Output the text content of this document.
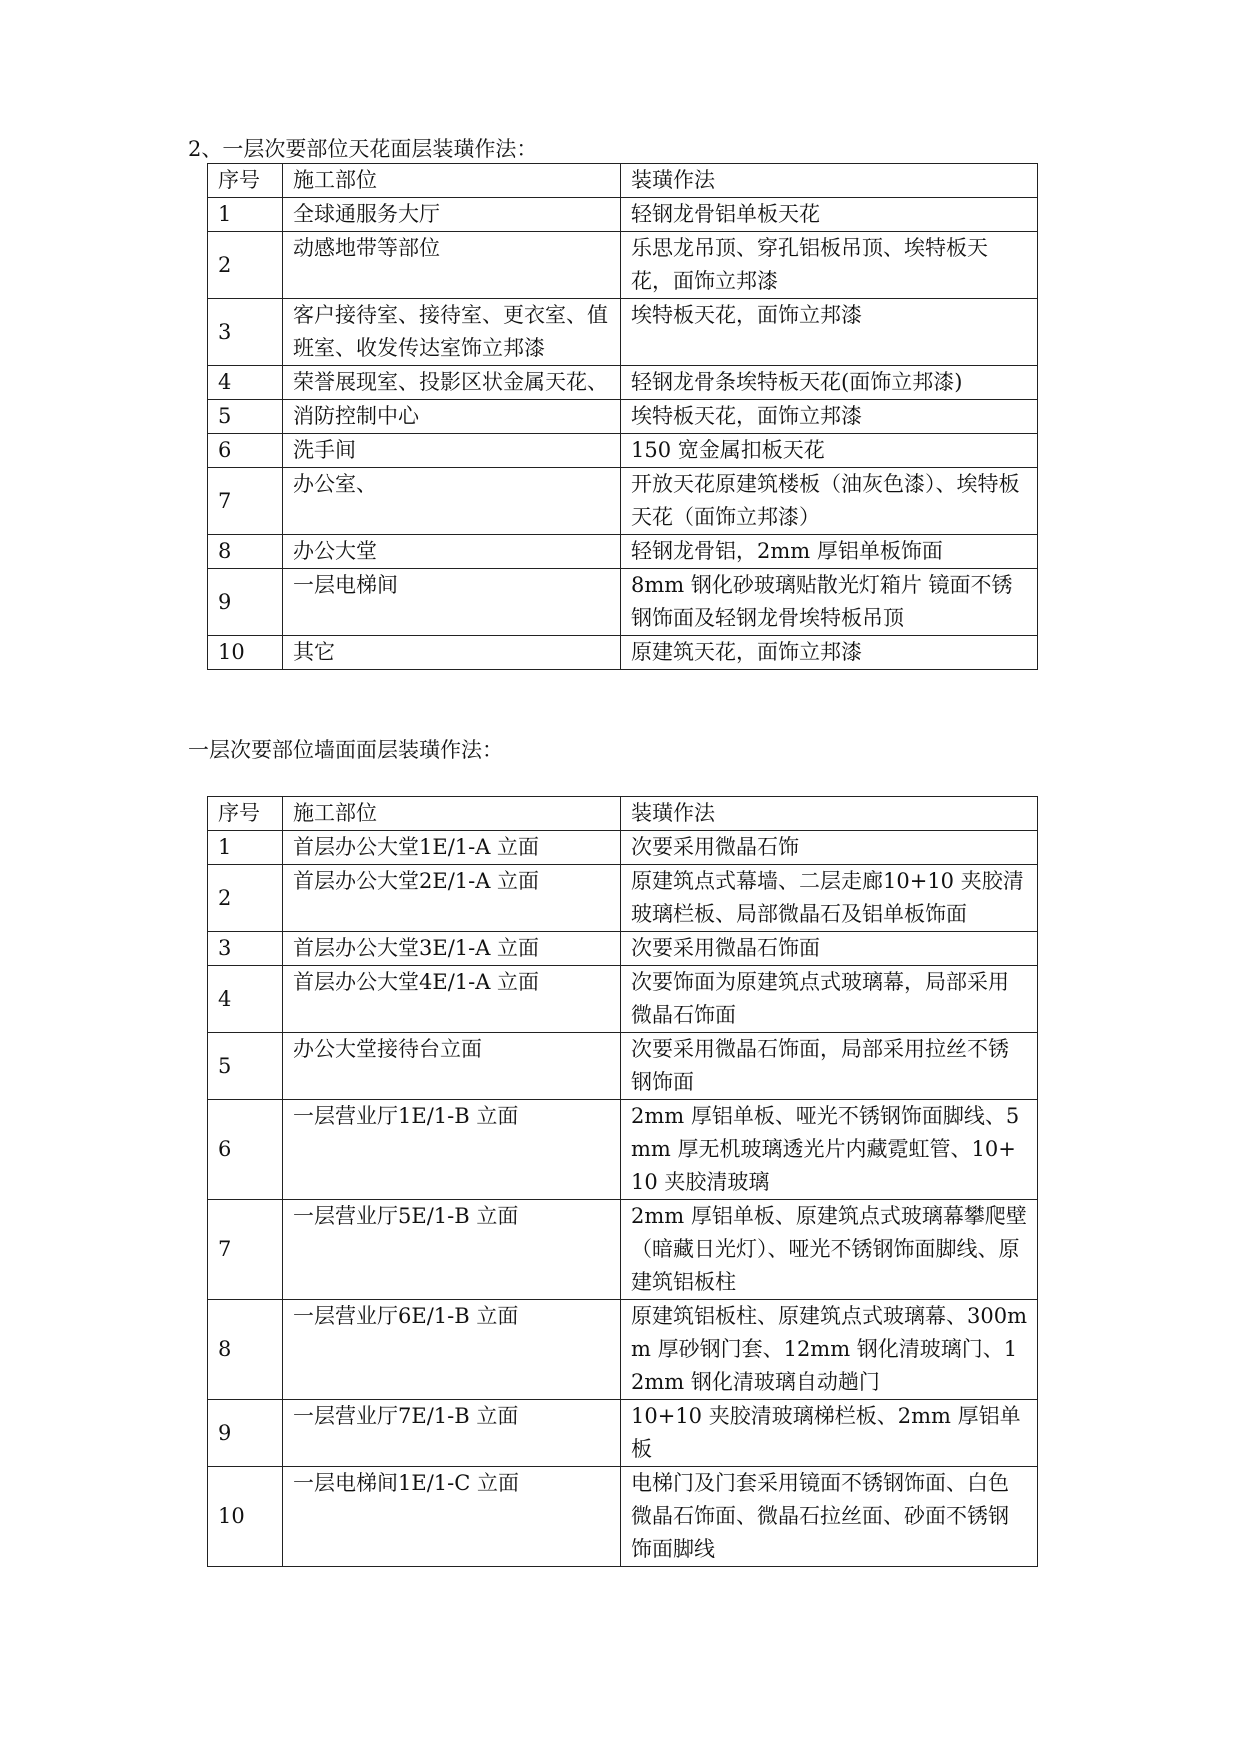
2、一层次要部位天花面层装璜作法：
序号	施工部位	装璜作法
1	全球通服务大厅	轻钢龙骨铝单板天花
2	动感地带等部位	乐思龙吊顶、穿孔铝板吊顶、埃特板天花，面饰立邦漆
3	客户接待室、接待室、更衣室、值班室、收发传达室饰立邦漆	埃特板天花，面饰立邦漆
4	荣誉展现室、投影区状金属天花、	轻钢龙骨条埃特板天花(面饰立邦漆)
5	消防控制中心	埃特板天花，面饰立邦漆
6	洗手间	150 宽金属扣板天花
7	办公室、	开放天花原建筑楼板（油灰色漆）、埃特板天花（面饰立邦漆）
8	办公大堂	轻钢龙骨铝，2mm 厚铝单板饰面
9	一层电梯间	8mm 钢化砂玻璃贴散光灯箱片 镜面不锈钢饰面及轻钢龙骨埃特板吊顶
10	其它	原建筑天花，面饰立邦漆
一层次要部位墙面面层装璜作法：
序号	施工部位	装璜作法
1	首层办公大堂1E/1-A 立面	次要采用微晶石饰
2	首层办公大堂2E/1-A 立面	原建筑点式幕墙、二层走廊10+10 夹胶清玻璃栏板、局部微晶石及铝单板饰面
3	首层办公大堂3E/1-A 立面	次要采用微晶石饰面
4	首层办公大堂4E/1-A 立面	次要饰面为原建筑点式玻璃幕，局部采用微晶石饰面
5	办公大堂接待台立面	次要采用微晶石饰面，局部采用拉丝不锈钢饰面
6	一层营业厅1E/1-B 立面	2mm 厚铝单板、哑光不锈钢饰面脚线、5mm 厚无机玻璃透光片内藏霓虹管、10+10 夹胶清玻璃
7	一层营业厅5E/1-B 立面	2mm 厚铝单板、原建筑点式玻璃幕攀爬壁（暗藏日光灯）、哑光不锈钢饰面脚线、原建筑铝板柱
8	一层营业厅6E/1-B 立面	原建筑铝板柱、原建筑点式玻璃幕、300mm 厚砂钢门套、12mm 钢化清玻璃门、12mm 钢化清玻璃自动趟门
9	一层营业厅7E/1-B 立面	10+10 夹胶清玻璃梯栏板、2mm 厚铝单板
10	一层电梯间1E/1-C 立面	电梯门及门套采用镜面不锈钢饰面、白色微晶石饰面、微晶石拉丝面、砂面不锈钢饰面脚线
